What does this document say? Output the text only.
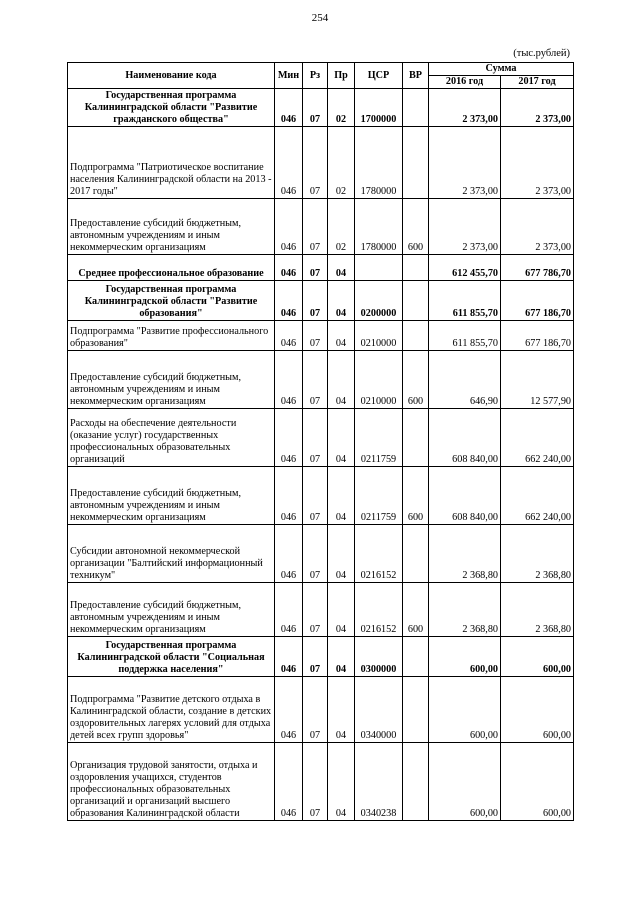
254
(тыс.рублей)
Наименование кода	Мин	Рз	Пр	ЦСР	ВР	Сумма	
						2016 год	2017 год
Государственная программа Калининградской области "Развитие гражданского общества"	046	07	02	1700000		2 373,00	2 373,00
Подпрограмма "Патриотическое воспитание населения Калининградской области на 2013 - 2017 годы"	046	07	02	1780000		2 373,00	2 373,00
Предоставление субсидий бюджетным, автономным учреждениям и иным некоммерческим организациям	046	07	02	1780000	600	2 373,00	2 373,00
Среднее профессиональное образование	046	07	04			612 455,70	677 786,70
Государственная программа Калининградской области "Развитие образования"	046	07	04	0200000		611 855,70	677 186,70
Подпрограмма "Развитие профессионального образования"	046	07	04	0210000		611 855,70	677 186,70
Предоставление субсидий бюджетным, автономным учреждениям и иным некоммерческим организациям	046	07	04	0210000	600	646,90	12 577,90
Расходы на обеспечение деятельности (оказание услуг) государственных профессиональных образовательных организаций	046	07	04	0211759		608 840,00	662 240,00
Предоставление субсидий бюджетным, автономным учреждениям и иным некоммерческим организациям	046	07	04	0211759	600	608 840,00	662 240,00
Субсидии автономной некоммерческой организации "Балтийский информационный техникум"	046	07	04	0216152		2 368,80	2 368,80
Предоставление субсидий бюджетным, автономным учреждениям и иным некоммерческим организациям	046	07	04	0216152	600	2 368,80	2 368,80
Государственная программа Калининградской области "Социальная поддержка населения"	046	07	04	0300000		600,00	600,00
Подпрограмма "Развитие детского отдыха в Калининградской области, создание в детских оздоровительных лагерях условий для отдыха детей всех групп здоровья"	046	07	04	0340000		600,00	600,00
Организация трудовой занятости, отдыха и оздоровления учащихся, студентов профессиональных образовательных организаций и организаций высшего образования Калининградской области	046	07	04	0340238		600,00	600,00
